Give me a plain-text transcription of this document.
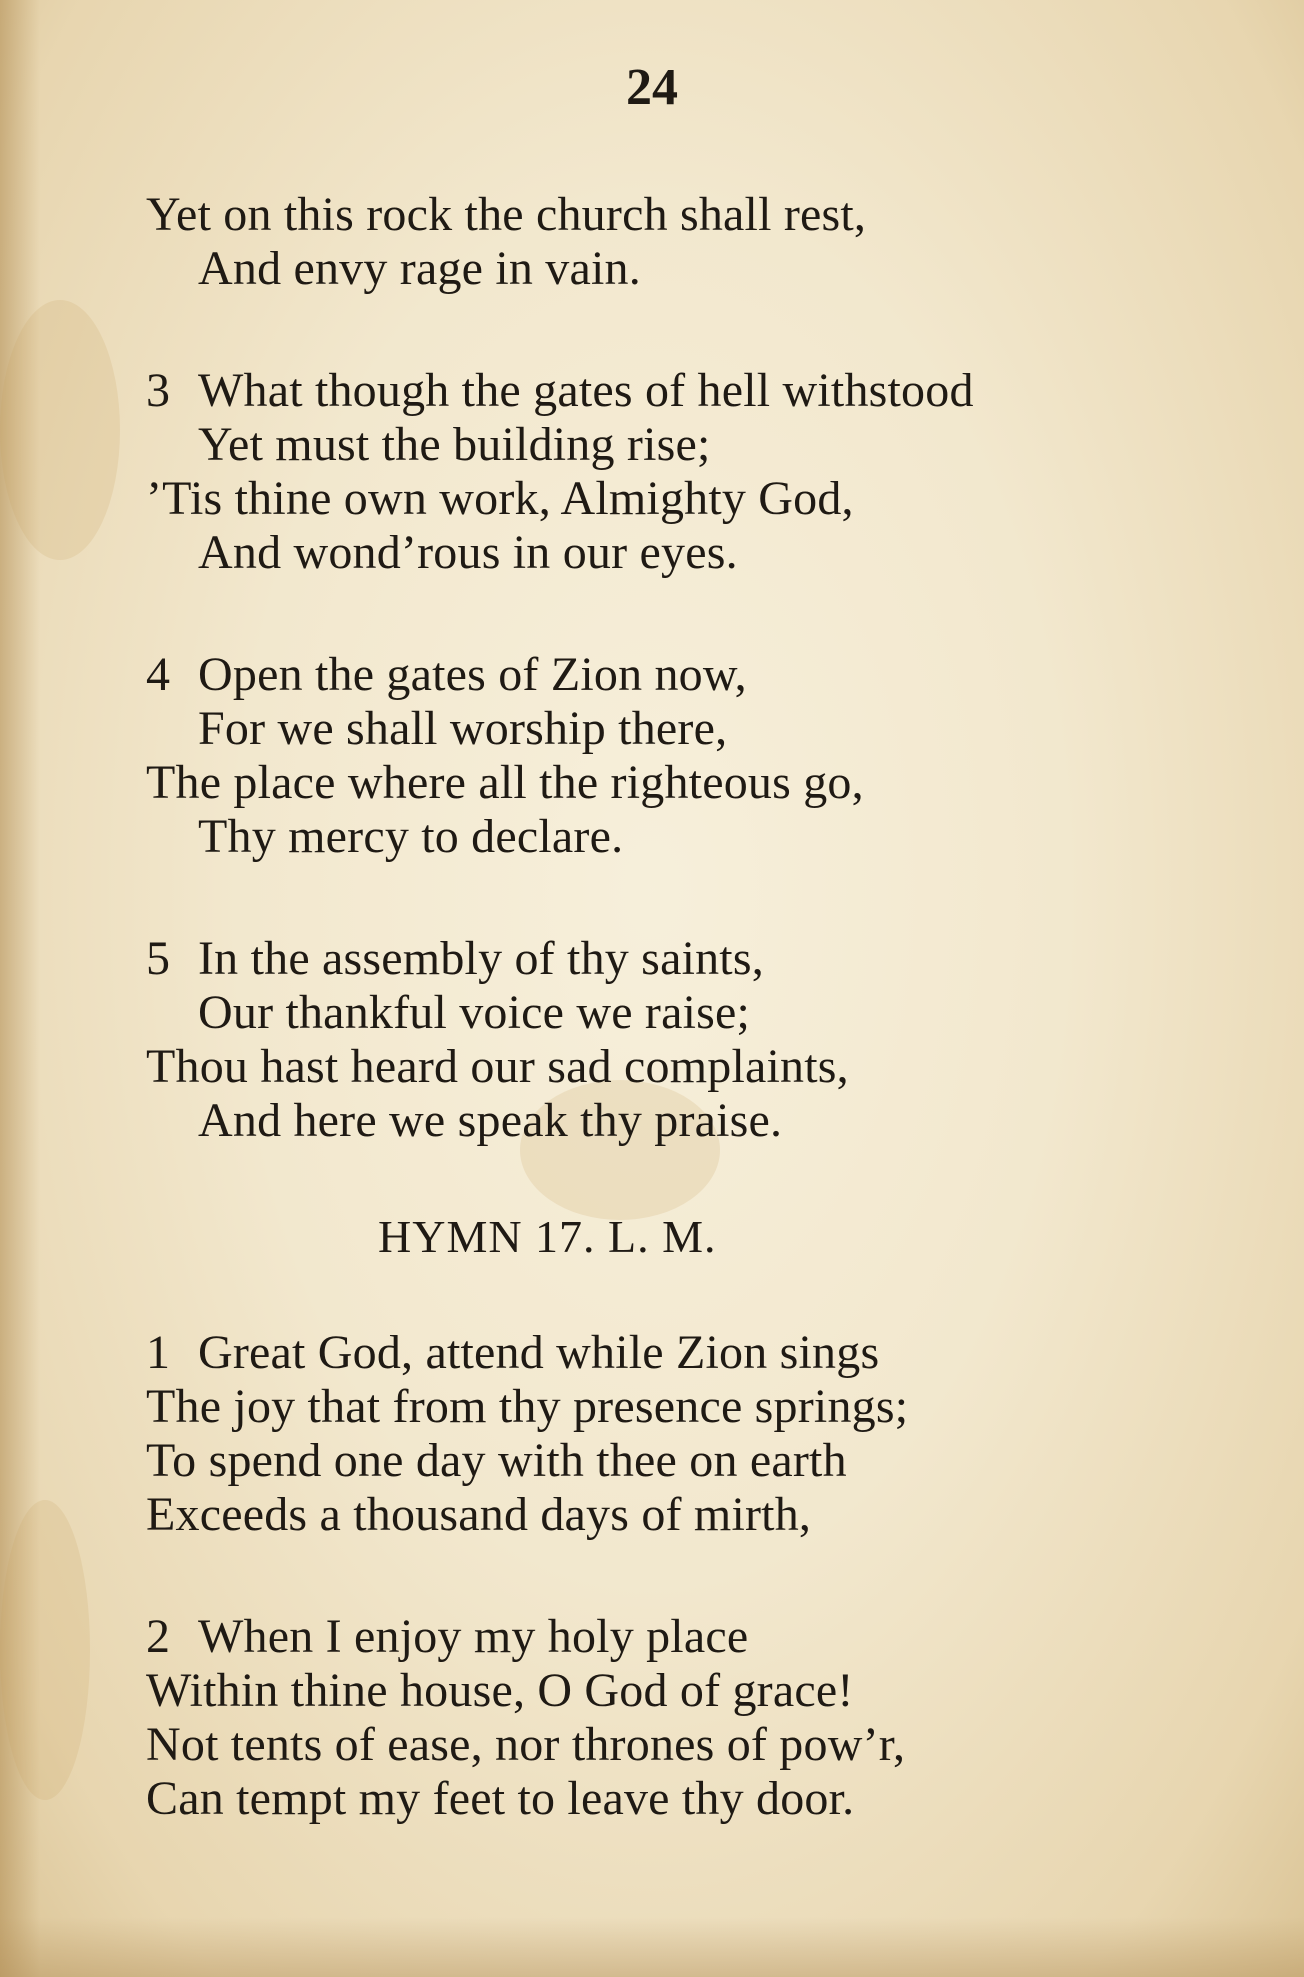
24
Yet on this rock the church shall rest,
And envy rage in vain.
3 What though the gates of hell withstood
Yet must the building rise;
’Tis thine own work, Almighty God,
And wond’rous in our eyes.
4 Open the gates of Zion now,
For we shall worship there,
The place where all the righteous go,
Thy mercy to declare.
5 In the assembly of thy saints,
Our thankful voice we raise;
Thou hast heard our sad complaints,
And here we speak thy praise.
HYMN 17. L. M.
1 Great God, attend while Zion sings
The joy that from thy presence springs;
To spend one day with thee on earth
Exceeds a thousand days of mirth,
2 When I enjoy my holy place
Within thine house, O God of grace!
Not tents of ease, nor thrones of pow’r,
Can tempt my feet to leave thy door.
